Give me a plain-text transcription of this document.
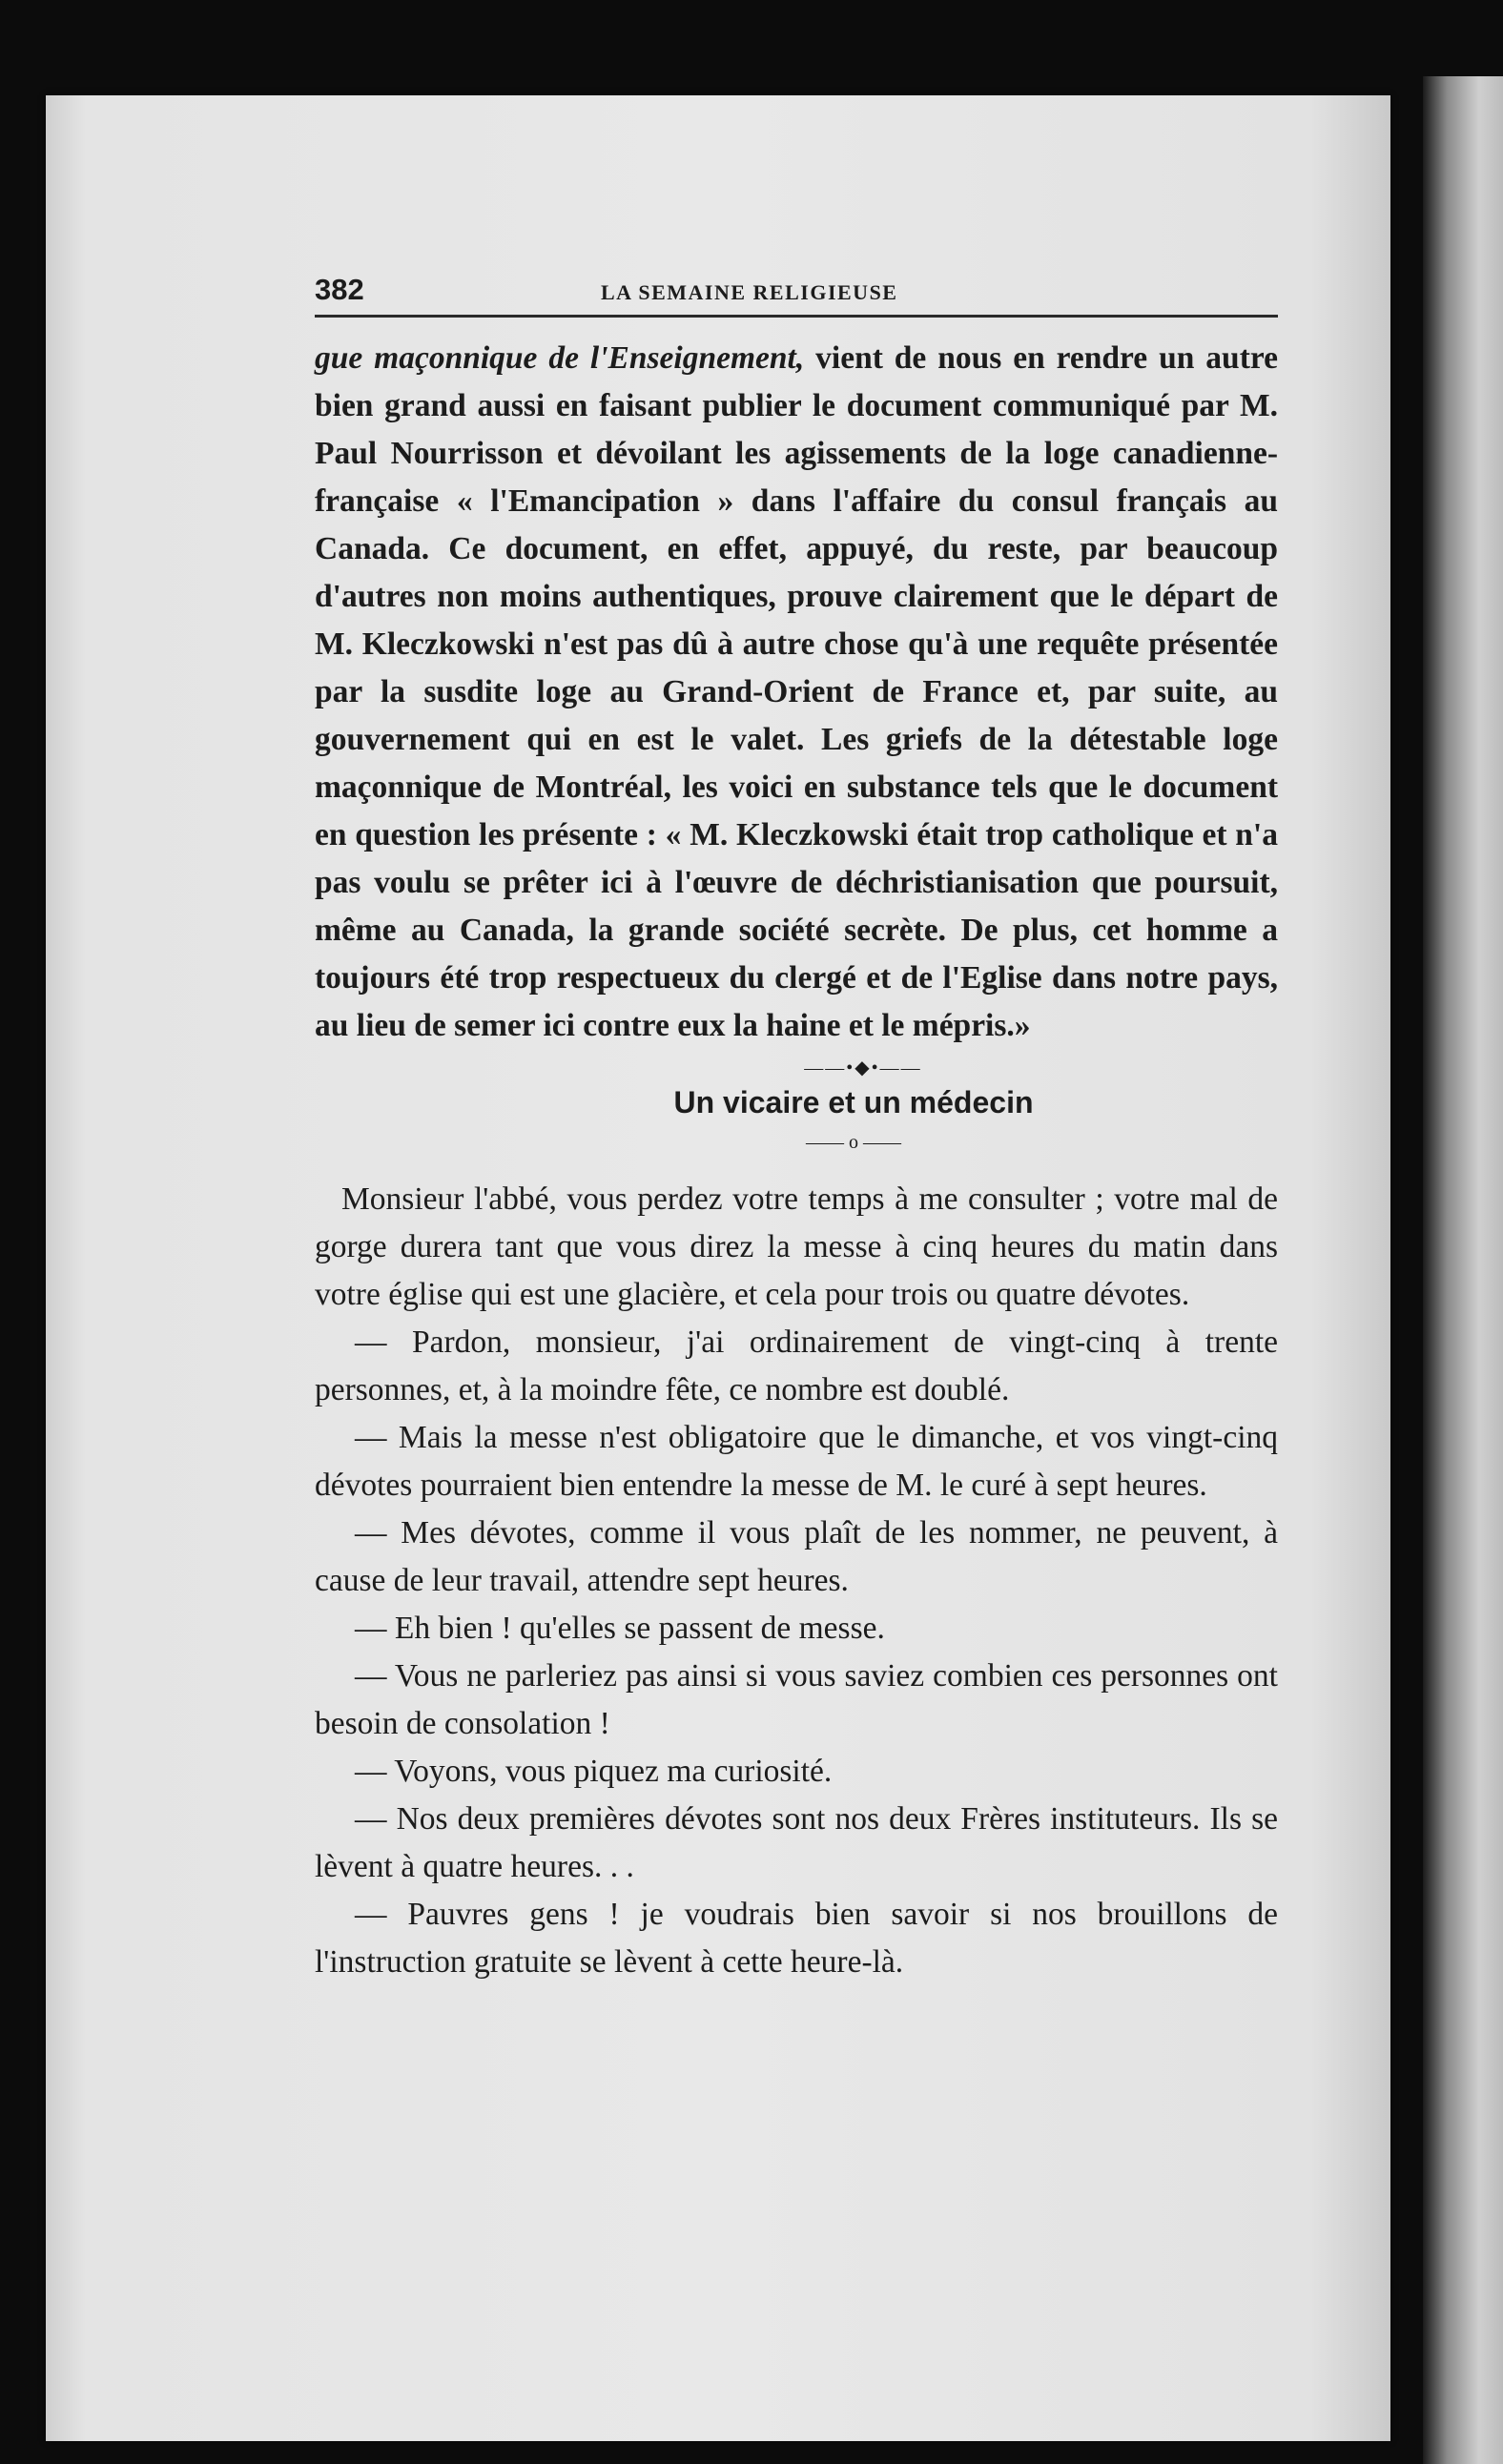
382	LA SEMAINE RELIGIEUSE

gue maçonnique de l'Enseignement, vient de nous en rendre un autre bien grand aussi en faisant publier le document communiqué par M. Paul Nourrisson et dévoilant les agissements de la loge canadienne-française « l'Emancipation » dans l'affaire du consul français au Canada. Ce document, en effet, appuyé, du reste, par beaucoup d'autres non moins authentiques, prouve clairement que le départ de M. Kleczkowski n'est pas dû à autre chose qu'à une requête présentée par la susdite loge au Grand-Orient de France et, par suite, au gouvernement qui en est le valet. Les griefs de la détestable loge maçonnique de Montréal, les voici en substance tels que le document en question les présente : « M. Kleczkowski était trop catholique et n'a pas voulu se prêter ici à l'œuvre de déchristianisation que poursuit, même au Canada, la grande société secrète. De plus, cet homme a toujours été trop respectueux du clergé et de l'Eglise dans notre pays, au lieu de semer ici contre eux la haine et le mépris.»

——•◆•——
Un vicaire et un médecin
—— o ——

Monsieur l'abbé, vous perdez votre temps à me consulter ; votre mal de gorge durera tant que vous direz la messe à cinq heures du matin dans votre église qui est une glacière, et cela pour trois ou quatre dévotes.

— Pardon, monsieur, j'ai ordinairement de vingt-cinq à trente personnes, et, à la moindre fête, ce nombre est doublé.

— Mais la messe n'est obligatoire que le dimanche, et vos vingt-cinq dévotes pourraient bien entendre la messe de M. le curé à sept heures.

— Mes dévotes, comme il vous plaît de les nommer, ne peuvent, à cause de leur travail, attendre sept heures.

— Eh bien ! qu'elles se passent de messe.

— Vous ne parleriez pas ainsi si vous saviez combien ces personnes ont besoin de consolation !

— Voyons, vous piquez ma curiosité.

— Nos deux premières dévotes sont nos deux Frères instituteurs. Ils se lèvent à quatre heures. . .

— Pauvres gens ! je voudrais bien savoir si nos brouillons de l'instruction gratuite se lèvent à cette heure-là.
